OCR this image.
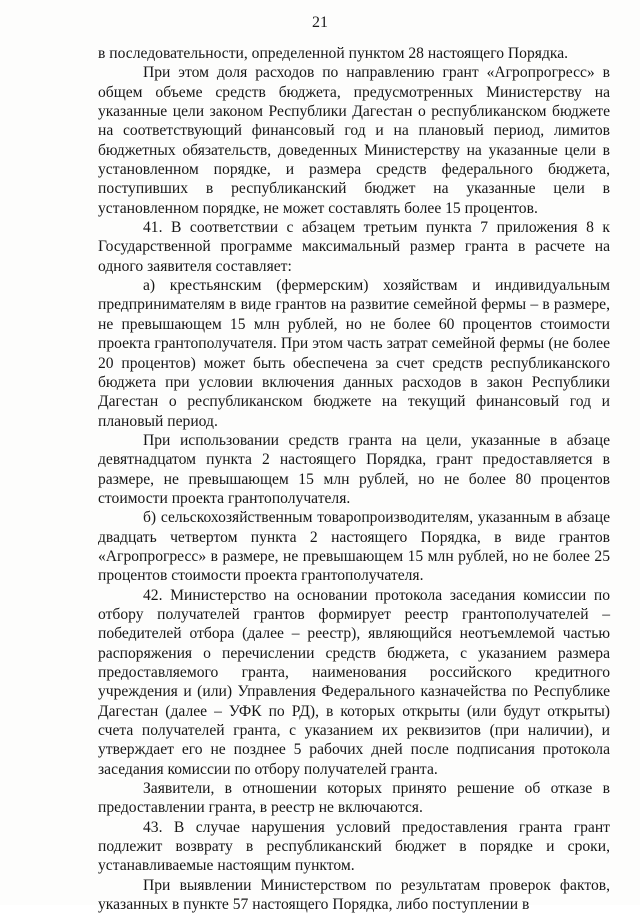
21

в последовательности, определенной пунктом 28 настоящего Порядка.

При этом доля расходов по направлению грант «Агропрогресс» в общем объеме средств бюджета, предусмотренных Министерству на указанные цели законом Республики Дагестан о республиканском бюджете на соответствующий финансовый год и на плановый период, лимитов бюджетных обязательств, доведенных Министерству на указанные цели в установленном порядке, и размера средств федерального бюджета, поступивших в республиканский бюджет на указанные цели в установленном порядке, не может составлять более 15 процентов.

41. В соответствии с абзацем третьим пункта 7 приложения 8 к Государственной программе максимальный размер гранта в расчете на одного заявителя составляет:

а) крестьянским (фермерским) хозяйствам и индивидуальным предпринимателям в виде грантов на развитие семейной фермы – в размере, не превышающем 15 млн рублей, но не более 60 процентов стоимости проекта грантополучателя. При этом часть затрат семейной фермы (не более 20 процентов) может быть обеспечена за счет средств республиканского бюджета при условии включения данных расходов в закон Республики Дагестан о республиканском бюджете на текущий финансовый год и плановый период.

При использовании средств гранта на цели, указанные в абзаце девятнадцатом пункта 2 настоящего Порядка, грант предоставляется в размере, не превышающем 15 млн рублей, но не более 80 процентов стоимости проекта грантополучателя.

б) сельскохозяйственным товаропроизводителям, указанным в абзаце двадцать четвертом пункта 2 настоящего Порядка, в виде грантов «Агропрогресс» в размере, не превышающем 15 млн рублей, но не более 25 процентов стоимости проекта грантополучателя.

42. Министерство на основании протокола заседания комиссии по отбору получателей грантов формирует реестр грантополучателей – победителей отбора (далее – реестр), являющийся неотъемлемой частью распоряжения о перечислении средств бюджета, с указанием размера предоставляемого гранта, наименования российского кредитного учреждения и (или) Управления Федерального казначейства по Республике Дагестан (далее – УФК по РД), в которых открыты (или будут открыты) счета получателей гранта, с указанием их реквизитов (при наличии), и утверждает его не позднее 5 рабочих дней после подписания протокола заседания комиссии по отбору получателей гранта.

Заявители, в отношении которых принято решение об отказе в предоставлении гранта, в реестр не включаются.

43. В случае нарушения условий предоставления гранта грант подлежит возврату в республиканский бюджет в порядке и сроки, устанавливаемые настоящим пунктом.

При выявлении Министерством по результатам проверок фактов, указанных в пункте 57 настоящего Порядка, либо поступлении в
